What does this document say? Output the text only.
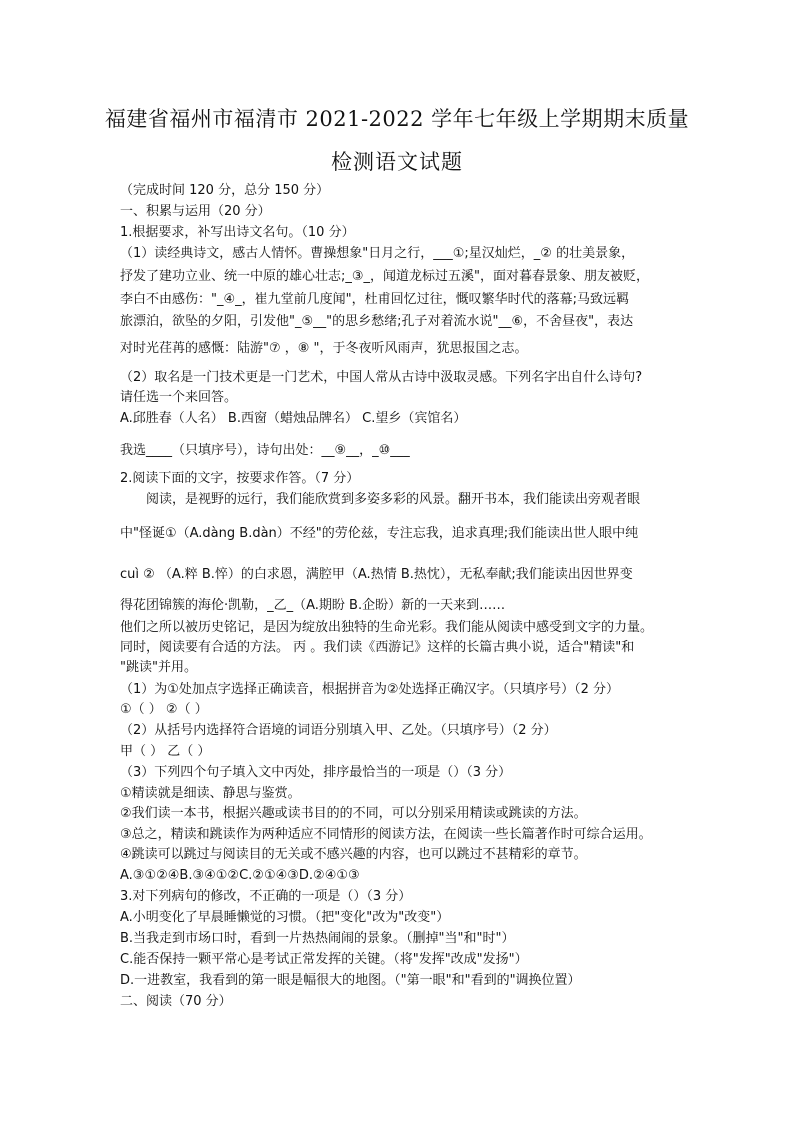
福建省福州市福清市 2021-2022 学年七年级上学期期末质量
检测语文试题
（完成时间 120 分，总分 150 分）
一、积累与运用（20 分）
1.根据要求，补写出诗文名句。（10 分）
（1）读经典诗文，感古人情怀。曹操想象"日月之行，___①;星汉灿烂，_② 的壮美景象，
抒发了建功立业、统一中原的雄心壮志;_③_，闻道龙标过五溪"，面对暮春景象、朋友被贬，
李白不由感伤："_④_，崔九堂前几度闻"，杜甫回忆过往，慨叹繁华时代的落幕;马致远羁
旅漂泊，欲坠的夕阳，引发他"_⑤__"的思乡愁绪;孔子对着流水说"__⑥，不舍昼夜"，表达
对时光荏苒的感慨：陆游"⑦ ，⑧ "，于冬夜听风雨声，犹思报国之志。
（2）取名是一门技术更是一门艺术，中国人常从古诗中汲取灵感。下列名字出自什么诗句?
请任选一个来回答。
A.邱胜春（人名） B.西窗（蜡烛品牌名） C.望乡（宾馆名）
我选____（只填序号），诗句出处：__⑨__，_⑩___
2.阅读下面的文字，按要求作答。（7 分）
阅读，是视野的远行，我们能欣赏到多姿多彩的风景。翻开书本，我们能读出旁观者眼
中"怪诞①（A.dàng B.dàn）不经"的劳伦兹，专注忘我，追求真理;我们能读出世人眼中纯
cuì ② （A.粹 B.悴）的白求恩，满腔甲（A.热情 B.热忱），无私奉献;我们能读出因世界变
得花团锦簇的海伦·凯勒，_乙_（A.期盼 B.企盼）新的一天来到……
他们之所以被历史铭记，是因为绽放出独特的生命光彩。我们能从阅读中感受到文字的力量。
同时，阅读要有合适的方法。 丙 。我们读《西游记》这样的长篇古典小说，适合"精读"和
"跳读"并用。
（1）为①处加点字选择正确读音，根据拼音为②处选择正确汉字。（只填序号）（2 分）
①（ ） ②（ ）
（2）从括号内选择符合语境的词语分别填入甲、乙处。（只填序号）（2 分）
甲（ ） 乙（ ）
（3）下列四个句子填入文中丙处，排序最恰当的一项是（）（3 分）
①精读就是细读、静思与鉴赏。
②我们读一本书，根据兴趣或读书目的的不同，可以分别采用精读或跳读的方法。
③总之，精读和跳读作为两种适应不同情形的阅读方法，在阅读一些长篇著作时可综合运用。
④跳读可以跳过与阅读目的无关或不感兴趣的内容，也可以跳过不甚精彩的章节。
A.③①②④B.③④①②C.②①④③D.②④①③
3.对下列病句的修改，不正确的一项是（）（3 分）
A.小明变化了早晨睡懒觉的习惯。（把"变化"改为"改变"）
B.当我走到市场口时，看到一片热热闹闹的景象。（删掉"当"和"时"）
C.能否保持一颗平常心是考试正常发挥的关键。（将"发挥"改成"发扬"）
D.一进教室，我看到的第一眼是幅很大的地图。（"第一眼"和"看到的"调换位置）
二、阅读（70 分）
